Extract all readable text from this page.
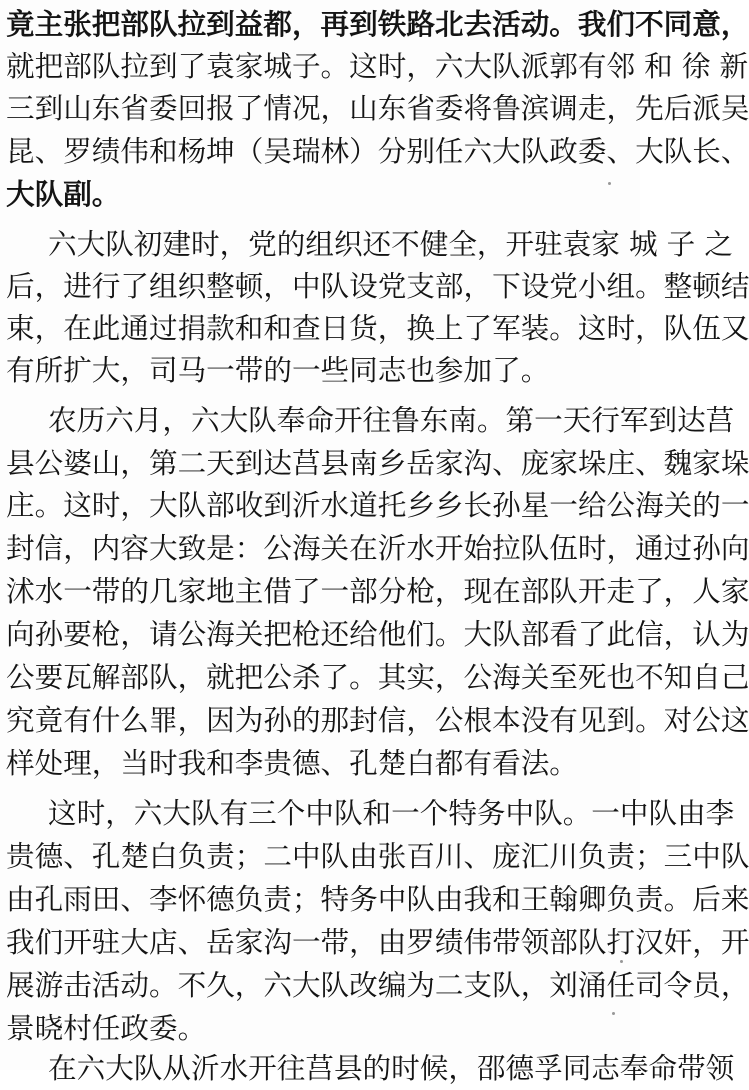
竟主张把部队拉到益都，再到铁路北去活动。我们不同意，
就把部队拉到了袁家城子。这时，六大队派郭有邻 和 徐 新
三到山东省委回报了情况，山东省委将鲁滨调走，先后派吴
昆、罗绩伟和杨坤（吴瑞林）分别任六大队政委、大队长、
大队副。
六大队初建时，党的组织还不健全，开驻袁家 城 子 之
后，进行了组织整顿，中队设党支部，下设党小组。整顿结
束，在此通过捐款和和查日货，换上了军装。这时，队伍又
有所扩大，司马一带的一些同志也参加了。
农历六月，六大队奉命开往鲁东南。第一天行军到达莒
县公婆山，第二天到达莒县南乡岳家沟、庞家垛庄、魏家垛
庄。这时，大队部收到沂水道托乡乡长孙星一给公海关的一
封信，内容大致是：公海关在沂水开始拉队伍时，通过孙向
沭水一带的几家地主借了一部分枪，现在部队开走了，人家
向孙要枪，请公海关把枪还给他们。大队部看了此信，认为
公要瓦解部队，就把公杀了。其实，公海关至死也不知自己
究竟有什么罪，因为孙的那封信，公根本没有见到。对公这
样处理，当时我和李贵德、孔楚白都有看法。
这时，六大队有三个中队和一个特务中队。一中队由李
贵德、孔楚白负责；二中队由张百川、庞汇川负责；三中队
由孔雨田、李怀德负责；特务中队由我和王翰卿负责。后来
我们开驻大店、岳家沟一带，由罗绩伟带领部队打汉奸，开
展游击活动。不久，六大队改编为二支队，刘涌任司令员，
景晓村任政委。
在六大队从沂水开往莒县的时候，邵德孚同志奉命带领
